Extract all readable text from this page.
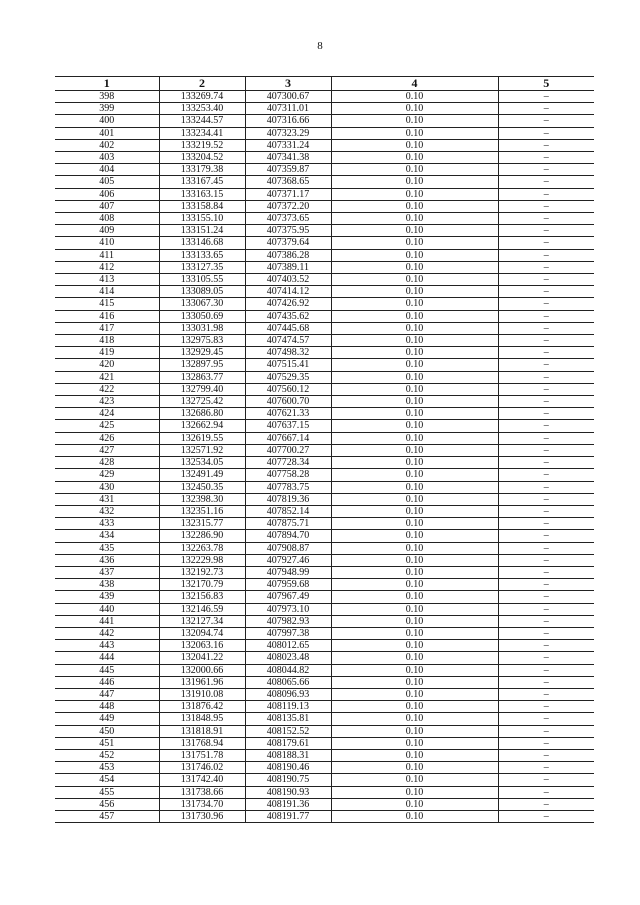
8
1	2	3	4	5
398	133269.74	407300.67	0.10	–
399	133253.40	407311.01	0.10	–
400	133244.57	407316.66	0.10	–
401	133234.41	407323.29	0.10	–
402	133219.52	407331.24	0.10	–
403	133204.52	407341.38	0.10	–
404	133179.38	407359.87	0.10	–
405	133167.45	407368.65	0.10	–
406	133163.15	407371.17	0.10	–
407	133158.84	407372.20	0.10	–
408	133155.10	407373.65	0.10	–
409	133151.24	407375.95	0.10	–
410	133146.68	407379.64	0.10	–
411	133133.65	407386.28	0.10	–
412	133127.35	407389.11	0.10	–
413	133105.55	407403.52	0.10	–
414	133089.05	407414.12	0.10	–
415	133067.30	407426.92	0.10	–
416	133050.69	407435.62	0.10	–
417	133031.98	407445.68	0.10	–
418	132975.83	407474.57	0.10	–
419	132929.45	407498.32	0.10	–
420	132897.95	407515.41	0.10	–
421	132863.77	407529.35	0.10	–
422	132799.40	407560.12	0.10	–
423	132725.42	407600.70	0.10	–
424	132686.80	407621.33	0.10	–
425	132662.94	407637.15	0.10	–
426	132619.55	407667.14	0.10	–
427	132571.92	407700.27	0.10	–
428	132534.05	407728.34	0.10	–
429	132491.49	407758.28	0.10	–
430	132450.35	407783.75	0.10	–
431	132398.30	407819.36	0.10	–
432	132351.16	407852.14	0.10	–
433	132315.77	407875.71	0.10	–
434	132286.90	407894.70	0.10	–
435	132263.78	407908.87	0.10	–
436	132229.98	407927.46	0.10	–
437	132192.73	407948.99	0.10	–
438	132170.79	407959.68	0.10	–
439	132156.83	407967.49	0.10	–
440	132146.59	407973.10	0.10	–
441	132127.34	407982.93	0.10	–
442	132094.74	407997.38	0.10	–
443	132063.16	408012.65	0.10	–
444	132041.22	408023.48	0.10	–
445	132000.66	408044.82	0.10	–
446	131961.96	408065.66	0.10	–
447	131910.08	408096.93	0.10	–
448	131876.42	408119.13	0.10	–
449	131848.95	408135.81	0.10	–
450	131818.91	408152.52	0.10	–
451	131768.94	408179.61	0.10	–
452	131751.78	408188.31	0.10	–
453	131746.02	408190.46	0.10	–
454	131742.40	408190.75	0.10	–
455	131738.66	408190.93	0.10	–
456	131734.70	408191.36	0.10	–
457	131730.96	408191.77	0.10	–
